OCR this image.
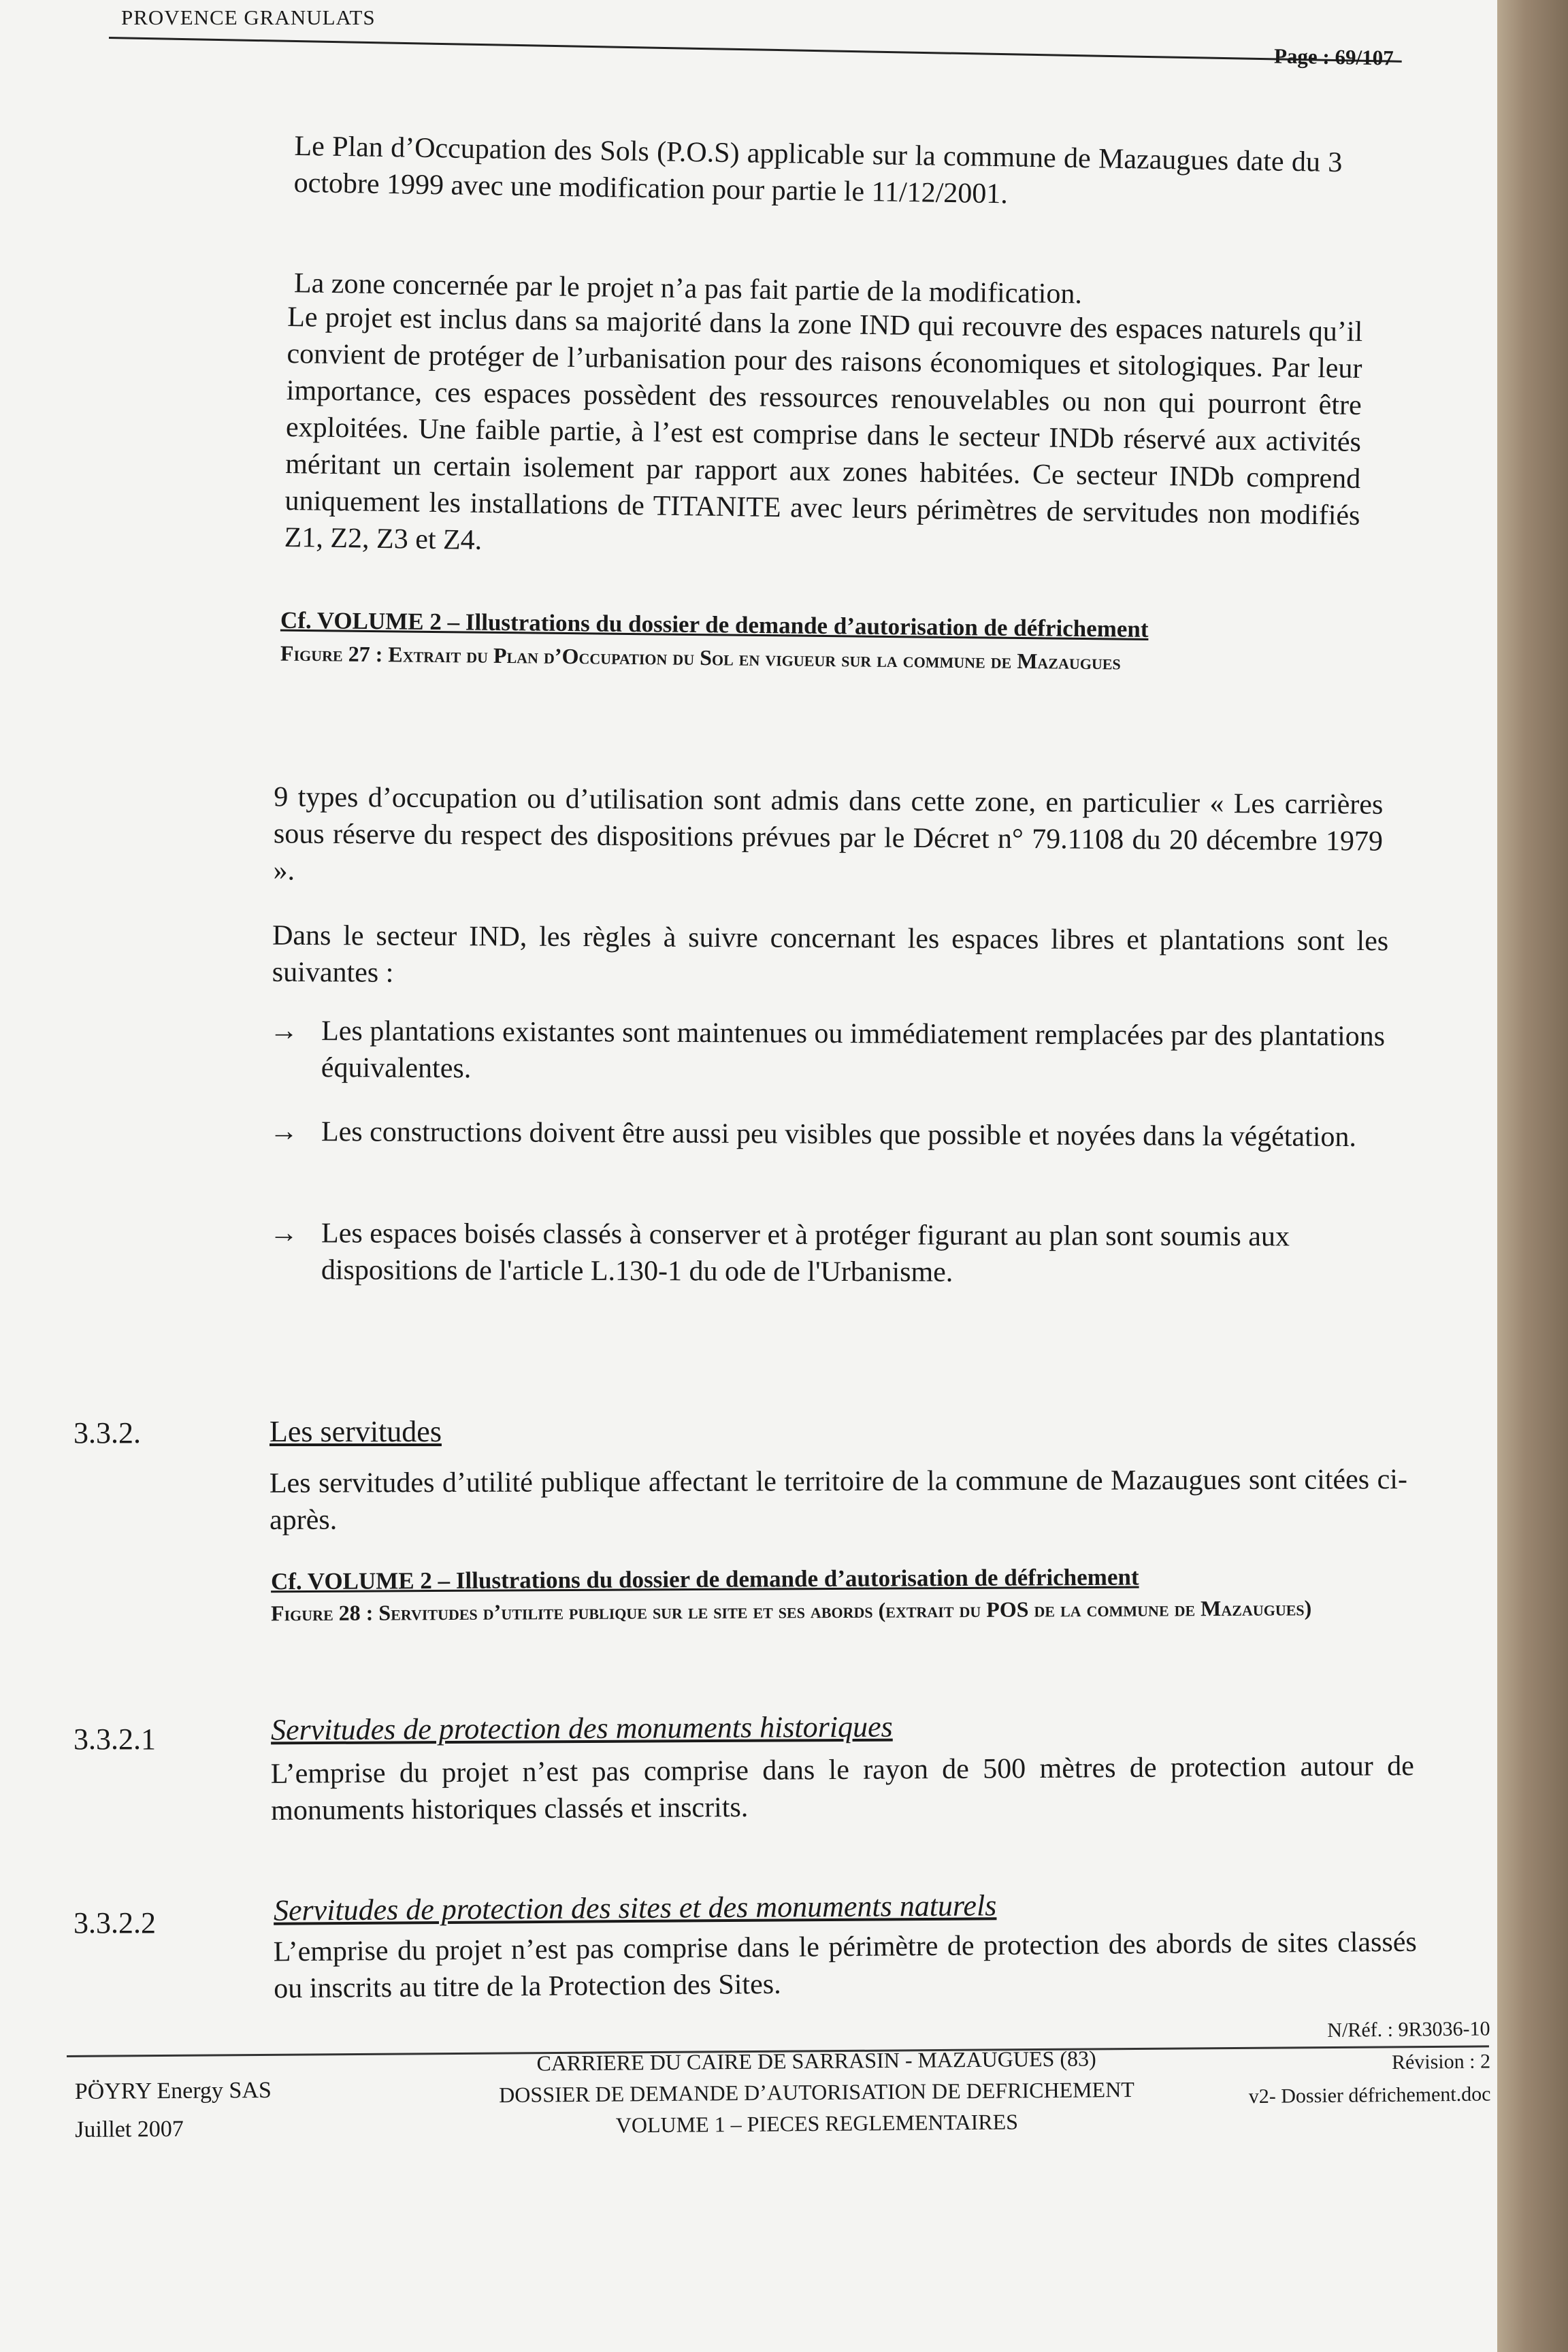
PROVENCE GRANULATS
Page : 69/107
Le Plan d’Occupation des Sols (P.O.S) applicable sur la commune de Mazaugues date du 3 octobre 1999 avec une modification pour partie le 11/12/2001.
La zone concernée par le projet n’a pas fait partie de la modification.
Le projet est inclus dans sa majorité dans la zone IND qui recouvre des espaces naturels qu’il convient de protéger de l’urbanisation pour des raisons économiques et sitologiques. Par leur importance, ces espaces possèdent des ressources renouvelables ou non qui pourront être exploitées. Une faible partie, à l’est est comprise dans le secteur INDb réservé aux activités méritant un certain isolement par rapport aux zones habitées. Ce secteur INDb comprend uniquement les installations de TITANITE avec leurs périmètres de servitudes non modifiés Z1, Z2, Z3 et Z4.
Cf. VOLUME 2 – Illustrations du dossier de demande d’autorisation de défrichement
Figure 27 : Extrait du Plan d’Occupation du Sol en vigueur sur la commune de Mazaugues
9 types d’occupation ou d’utilisation sont admis dans cette zone, en particulier « Les carrières sous réserve du respect des dispositions prévues par le Décret n° 79.1108 du 20 décembre 1979 ».
Dans le secteur IND, les règles à suivre concernant les espaces libres et plantations sont les suivantes :
→ Les plantations existantes sont maintenues ou immédiatement remplacées par des plantations équivalentes.
→ Les constructions doivent être aussi peu visibles que possible et noyées dans la végétation.
→ Les espaces boisés classés à conserver et à protéger figurant au plan sont soumis aux dispositions de l'article L.130-1 du ode de l'Urbanisme.
3.3.2.	Les servitudes
Les servitudes d’utilité publique affectant le territoire de la commune de Mazaugues sont citées ci-après.
Cf. VOLUME 2 – Illustrations du dossier de demande d’autorisation de défrichement
Figure 28 : Servitudes d’utilite publique sur le site et ses abords (extrait du POS de la commune de Mazaugues)
3.3.2.1	Servitudes de protection des monuments historiques
L’emprise du projet n’est pas comprise dans le rayon de 500 mètres de protection autour de monuments historiques classés et inscrits.
3.3.2.2	Servitudes de protection des sites et des monuments naturels
L’emprise du projet n’est pas comprise dans le périmètre de protection des abords de sites classés ou inscrits au titre de la Protection des Sites.
PÖYRY Energy SAS
Juillet 2007
CARRIERE DU CAIRE DE SARRASIN - MAZAUGUES (83)
DOSSIER DE DEMANDE D’AUTORISATION DE DEFRICHEMENT
VOLUME 1 – PIECES REGLEMENTAIRES
N/Réf. : 9R3036-10
Révision : 2
v2- Dossier défrichement.doc
